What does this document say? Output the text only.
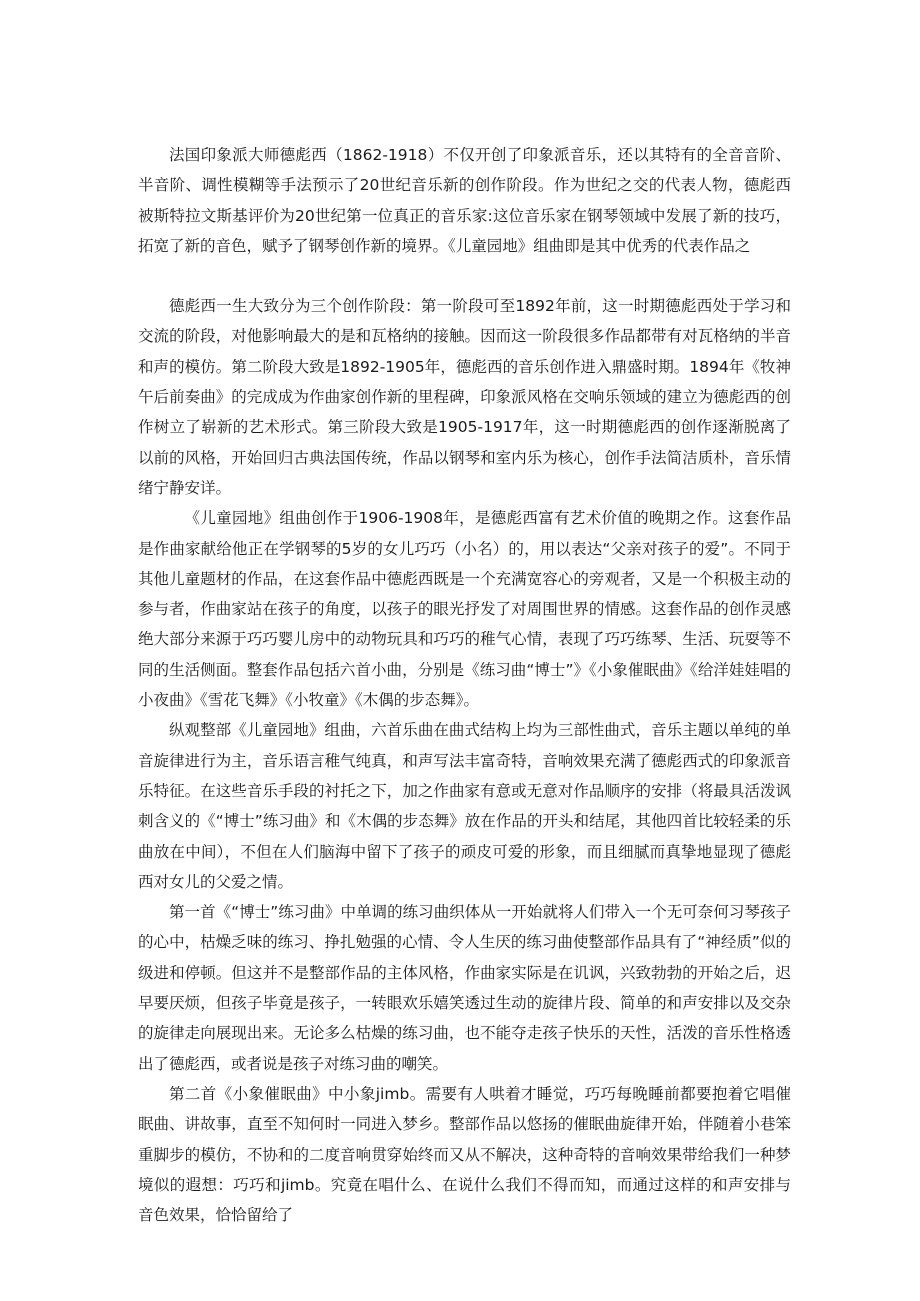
法国印象派大师德彪西（1862-1918）不仅开创了印象派音乐，还以其特有的全音音阶、半音阶、调性模糊等手法预示了20世纪音乐新的创作阶段。作为世纪之交的代表人物，德彪西被斯特拉文斯基评价为20世纪第一位真正的音乐家:这位音乐家在钢琴领域中发展了新的技巧，拓宽了新的音色，赋予了钢琴创作新的境界。《儿童园地》组曲即是其中优秀的代表作品之

德彪西一生大致分为三个创作阶段：第一阶段可至1892年前，这一时期德彪西处于学习和交流的阶段，对他影响最大的是和瓦格纳的接触。因而这一阶段很多作品都带有对瓦格纳的半音和声的模仿。第二阶段大致是1892-1905年，德彪西的音乐创作进入鼎盛时期。1894年《牧神午后前奏曲》的完成成为作曲家创作新的里程碑，印象派风格在交响乐领域的建立为德彪西的创作树立了崭新的艺术形式。第三阶段大致是1905-1917年，这一时期德彪西的创作逐渐脱离了以前的风格，开始回归古典法国传统，作品以钢琴和室内乐为核心，创作手法简洁质朴，音乐情绪宁静安详。

《儿童园地》组曲创作于1906-1908年，是德彪西富有艺术价值的晚期之作。这套作品是作曲家献给他正在学钢琴的5岁的女儿巧巧（小名）的，用以表达“父亲对孩子的爱”。不同于其他儿童题材的作品，在这套作品中德彪西既是一个充满宽容心的旁观者，又是一个积极主动的参与者，作曲家站在孩子的角度，以孩子的眼光抒发了对周围世界的情感。这套作品的创作灵感绝大部分来源于巧巧婴儿房中的动物玩具和巧巧的稚气心情，表现了巧巧练琴、生活、玩耍等不同的生活侧面。整套作品包括六首小曲，分别是《练习曲“博士”》《小象催眠曲》《给洋娃娃唱的小夜曲》《雪花飞舞》《小牧童》《木偶的步态舞》。

纵观整部《儿童园地》组曲，六首乐曲在曲式结构上均为三部性曲式，音乐主题以单纯的单音旋律进行为主，音乐语言稚气纯真，和声写法丰富奇特，音响效果充满了德彪西式的印象派音乐特征。在这些音乐手段的衬托之下，加之作曲家有意或无意对作品顺序的安排（将最具活泼讽刺含义的《“博士”练习曲》和《木偶的步态舞》放在作品的开头和结尾，其他四首比较轻柔的乐曲放在中间），不但在人们脑海中留下了孩子的顽皮可爱的形象，而且细腻而真挚地显现了德彪西对女儿的父爱之情。

第一首《“博士”练习曲》中单调的练习曲织体从一开始就将人们带入一个无可奈何习琴孩子的心中，枯燥乏味的练习、挣扎勉强的心情、令人生厌的练习曲使整部作品具有了“神经质”似的级进和停顿。但这并不是整部作品的主体风格，作曲家实际是在讥讽，兴致勃勃的开始之后，迟早要厌烦，但孩子毕竟是孩子，一转眼欢乐嬉笑透过生动的旋律片段、简单的和声安排以及交杂的旋律走向展现出来。无论多么枯燥的练习曲，也不能夺走孩子快乐的天性，活泼的音乐性格透出了德彪西，或者说是孩子对练习曲的嘲笑。

第二首《小象催眠曲》中小象jimb。需要有人哄着才睡觉，巧巧每晚睡前都要抱着它唱催眠曲、讲故事，直至不知何时一同进入梦乡。整部作品以悠扬的催眠曲旋律开始，伴随着小巷笨重脚步的模仿，不协和的二度音响贯穿始终而又从不解决，这种奇特的音响效果带给我们一种梦境似的遐想：巧巧和jimb。究竟在唱什么、在说什么我们不得而知，而通过这样的和声安排与音色效果，恰恰留给了
